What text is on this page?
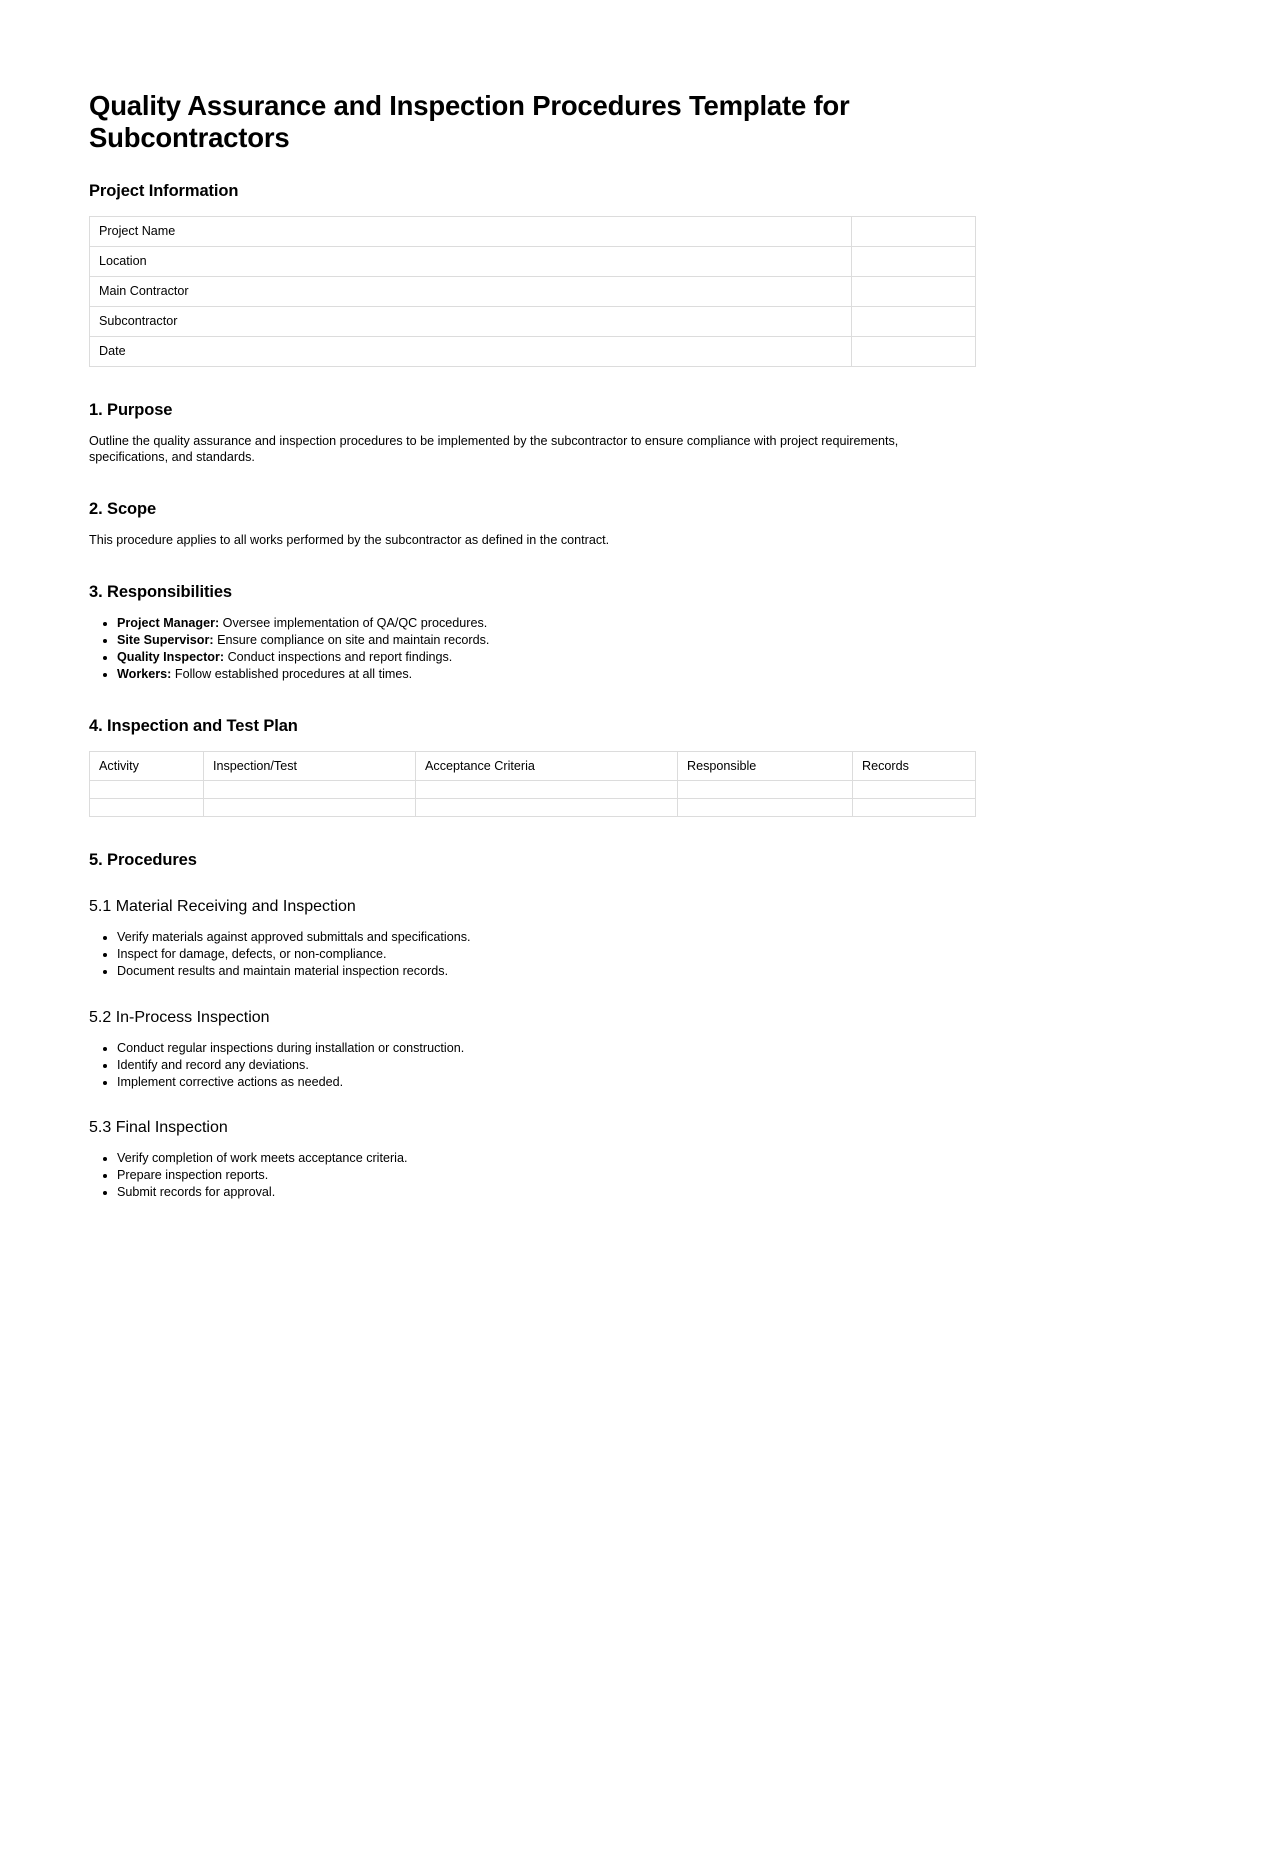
Quality Assurance and Inspection Procedures Template for Subcontractors
Project Information
Project Name	
Location	
Main Contractor	
Subcontractor	
Date	
1. Purpose

Outline the quality assurance and inspection procedures to be implemented by the subcontractor to ensure compliance with project requirements, specifications, and standards.

2. Scope

This procedure applies to all works performed by the subcontractor as defined in the contract.

3. Responsibilities
• Project Manager: Oversee implementation of QA/QC procedures.
• Site Supervisor: Ensure compliance on site and maintain records.
• Quality Inspector: Conduct inspections and report findings.
• Workers: Follow established procedures at all times.
4. Inspection and Test Plan
Activity	Inspection/Test	Acceptance Criteria	Responsible	Records

5. Procedures
5.1 Material Receiving and Inspection
• Verify materials against approved submittals and specifications.
• Inspect for damage, defects, or non-compliance.
• Document results and maintain material inspection records.
5.2 In-Process Inspection
• Conduct regular inspections during installation or construction.
• Identify and record any deviations.
• Implement corrective actions as needed.
5.3 Final Inspection
• Verify completion of work meets acceptance criteria.
• Prepare inspection reports.
• Submit records for approval.
